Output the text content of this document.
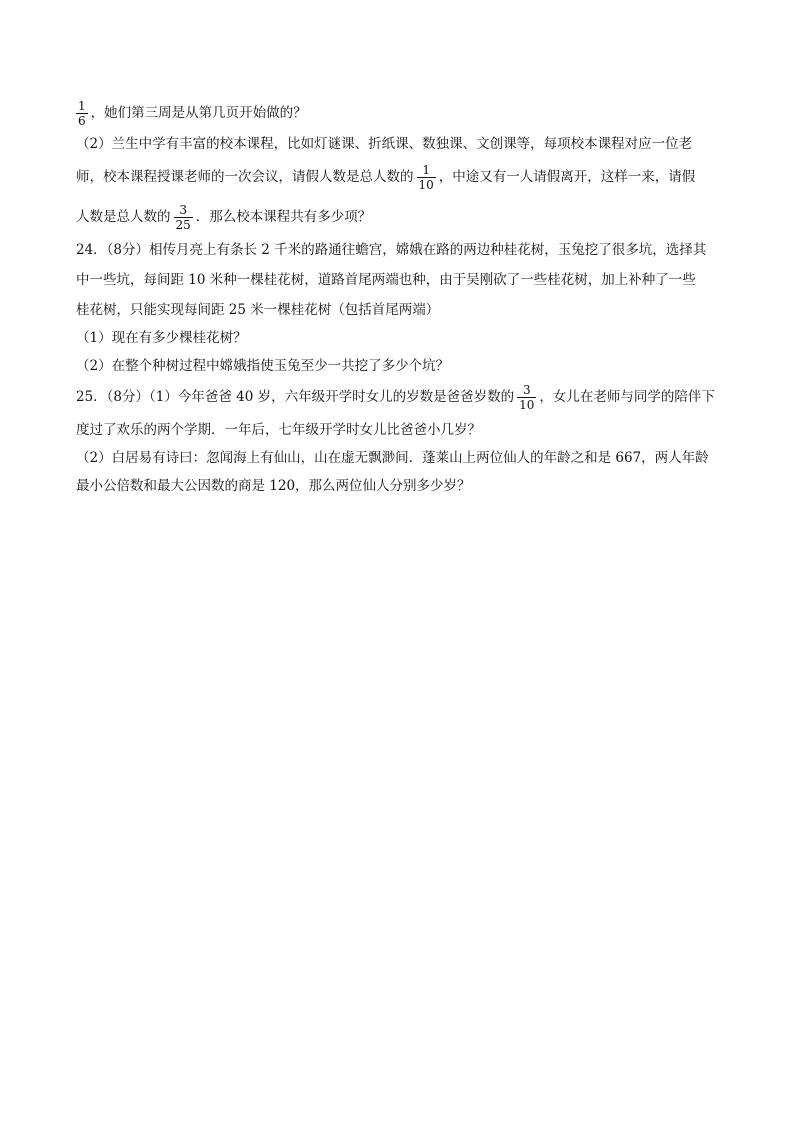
$\frac{1}{6}$ ，她们第三周是从第几页开始做的？
（2）兰生中学有丰富的校本课程，比如灯谜课、折纸课、数独课、文创课等，每项校本课程对应一位老
师，校本课程授课老师的一次会议，请假人数是总人数的 $\frac{1}{10}$ ，中途又有一人请假离开，这样一来，请假
人数是总人数的 $\frac{3}{25}$ ．那么校本课程共有多少项？
24．（8分）相传月亮上有条长 2 千米的路通往蟾宫，嫦娥在路的两边种桂花树，玉兔挖了很多坑，选择其
中一些坑，每间距 10 米种一棵桂花树，道路首尾两端也种，由于吴刚砍了一些桂花树，加上补种了一些
桂花树，只能实现每间距 25 米一棵桂花树（包括首尾两端）
（1）现在有多少棵桂花树？
（2）在整个种树过程中嫦娥指使玉兔至少一共挖了多少个坑？
25．（8分）（1）今年爸爸 40 岁，六年级开学时女儿的岁数是爸爸岁数的 $\frac{3}{10}$ ，女儿在老师与同学的陪伴下
度过了欢乐的两个学期．一年后，七年级开学时女儿比爸爸小几岁？
（2）白居易有诗曰：忽闻海上有仙山，山在虚无飘渺间．蓬莱山上两位仙人的年龄之和是 667，两人年龄
最小公倍数和最大公因数的商是 120，那么两位仙人分别多少岁？
